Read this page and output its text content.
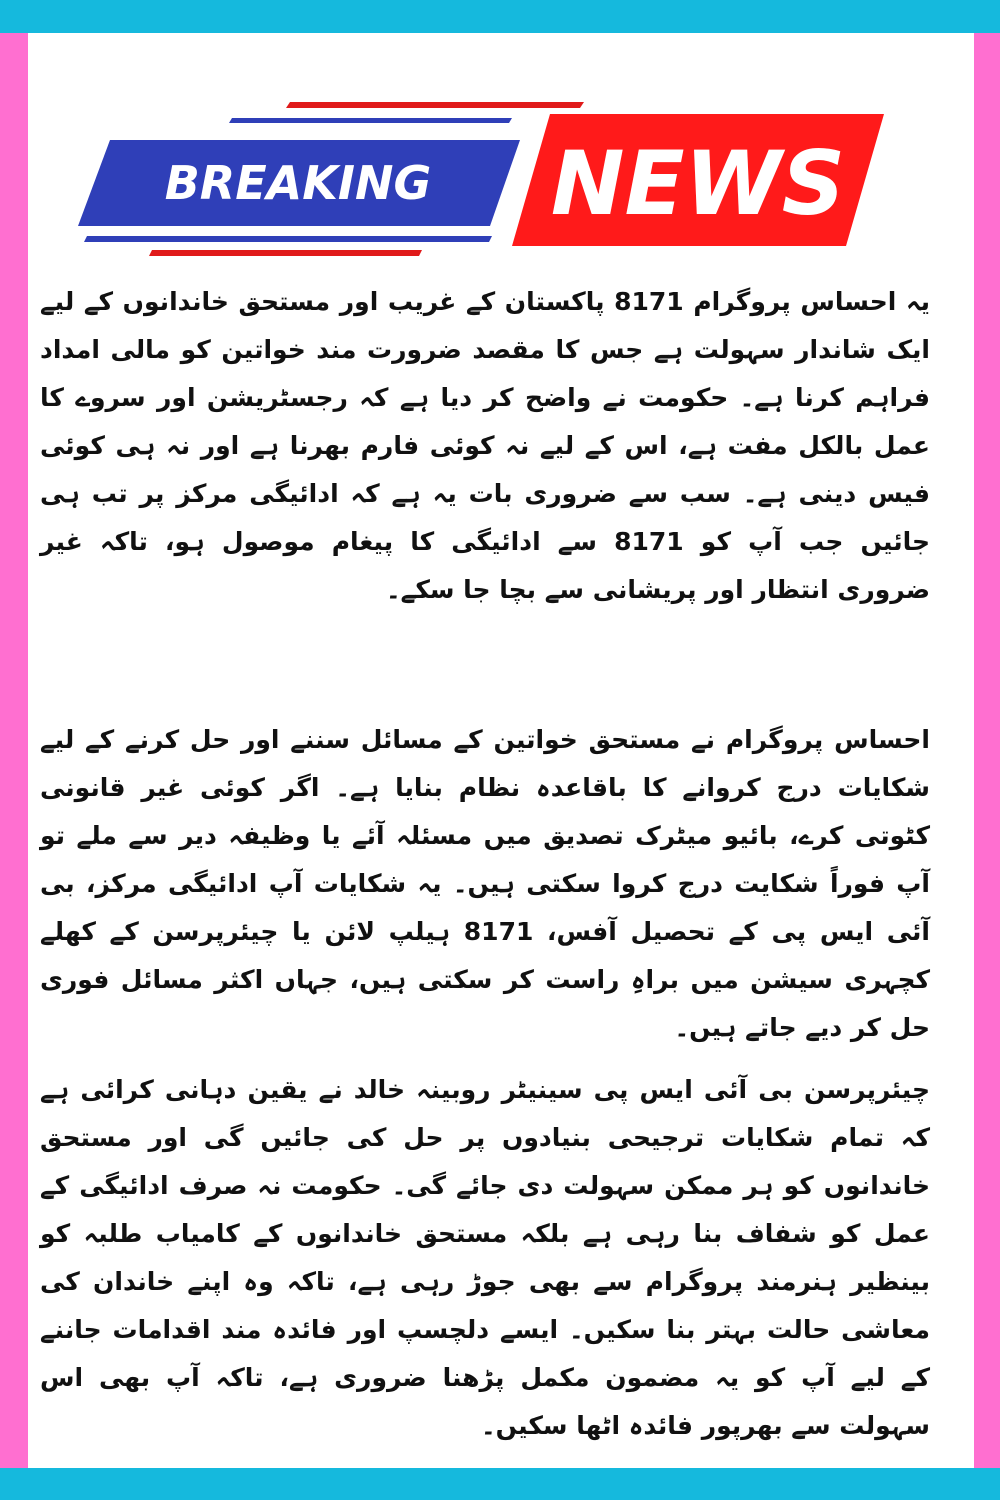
BREAKING NEWS

یہ احساس پروگرام 8171 پاکستان کے غریب اور مستحق خاندانوں کے لیے ایک شاندار سہولت ہے جس کا مقصد ضرورت مند خواتین کو مالی امداد فراہم کرنا ہے۔ حکومت نے واضح کر دیا ہے کہ رجسٹریشن اور سروے کا عمل بالکل مفت ہے، اس کے لیے نہ کوئی فارم بھرنا ہے اور نہ ہی کوئی فیس دینی ہے۔ سب سے ضروری بات یہ ہے کہ ادائیگی مرکز پر تب ہی جائیں جب آپ کو 8171 سے ادائیگی کا پیغام موصول ہو، تاکہ غیر ضروری انتظار اور پریشانی سے بچا جا سکے۔

احساس پروگرام نے مستحق خواتین کے مسائل سننے اور حل کرنے کے لیے شکایات درج کروانے کا باقاعدہ نظام بنایا ہے۔ اگر کوئی غیر قانونی کٹوتی کرے، بائیو میٹرک تصدیق میں مسئلہ آئے یا وظیفہ دیر سے ملے تو آپ فوراً شکایت درج کروا سکتی ہیں۔ یہ شکایات آپ ادائیگی مرکز، بی آئی ایس پی کے تحصیل آفس، 8171 ہیلپ لائن یا چیئرپرسن کے کھلے کچہری سیشن میں براہِ راست کر سکتی ہیں، جہاں اکثر مسائل فوری حل کر دیے جاتے ہیں۔

چیئرپرسن بی آئی ایس پی سینیٹر روبینہ خالد نے یقین دہانی کرائی ہے کہ تمام شکایات ترجیحی بنیادوں پر حل کی جائیں گی اور مستحق خاندانوں کو ہر ممکن سہولت دی جائے گی۔ حکومت نہ صرف ادائیگی کے عمل کو شفاف بنا رہی ہے بلکہ مستحق خاندانوں کے کامیاب طلبہ کو بینظیر ہنرمند پروگرام سے بھی جوڑ رہی ہے، تاکہ وہ اپنے خاندان کی معاشی حالت بہتر بنا سکیں۔ ایسے دلچسپ اور فائدہ مند اقدامات جاننے کے لیے آپ کو یہ مضمون مکمل پڑھنا ضروری ہے، تاکہ آپ بھی اس سہولت سے بھرپور فائدہ اٹھا سکیں۔
